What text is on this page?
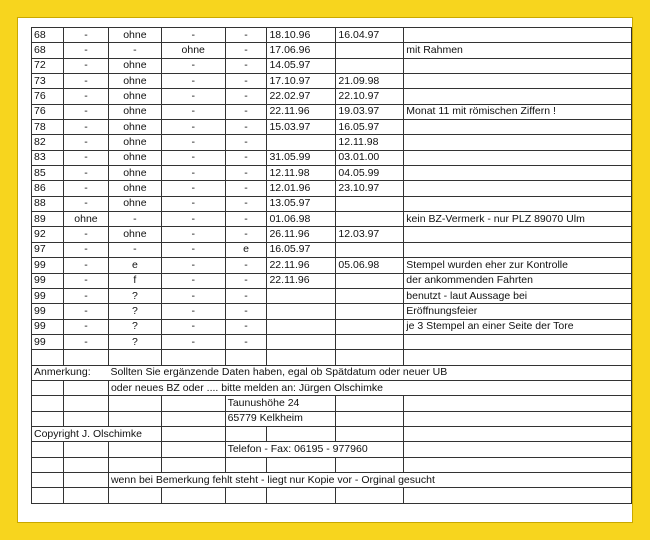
68	-	ohne	-	-	18.10.96	16.04.97	
68	-	-	ohne	-	17.06.96		mit Rahmen
72	-	ohne	-	-	14.05.97		
73	-	ohne	-	-	17.10.97	21.09.98	
76	-	ohne	-	-	22.02.97	22.10.97	
76	-	ohne	-	-	22.11.96	19.03.97	Monat 11 mit römischen Ziffern !
78	-	ohne	-	-	15.03.97	16.05.97	
82	-	ohne	-	-		12.11.98	
83	-	ohne	-	-	31.05.99	03.01.00	
85	-	ohne	-	-	12.11.98	04.05.99	
86	-	ohne	-	-	12.01.96	23.10.97	
88	-	ohne	-	-	13.05.97		
89	ohne	-	-	-	01.06.98		kein BZ-Vermerk - nur PLZ 89070 Ulm
92	-	ohne	-	-	26.11.96	12.03.97	
97	-	-	-	e	16.05.97		
99	-	e	-	-	22.11.96	05.06.98	Stempel wurden eher zur Kontrolle
99	-	f	-	-	22.11.96		der ankommenden Fahrten
99	-	?	-	-			benutzt - laut Aussage bei
99	-	?	-	-			Eröffnungsfeier
99	-	?	-	-			je 3 Stempel an einer Seite der Tore
99	-	?	-	-			

Anmerkung:		Sollten Sie ergänzende Daten haben, egal ob Spätdatum oder neuer UB					
		oder neues BZ oder .... bitte melden an: Jürgen Olschimke					
				Taunushöhe 24			
				65779 Kelkheim			
Copyright J. Olschimke							
				Telefon - Fax: 06195 - 977960			

		wenn bei Bemerkung fehlt steht - liegt nur Kopie vor - Orginal gesucht					
